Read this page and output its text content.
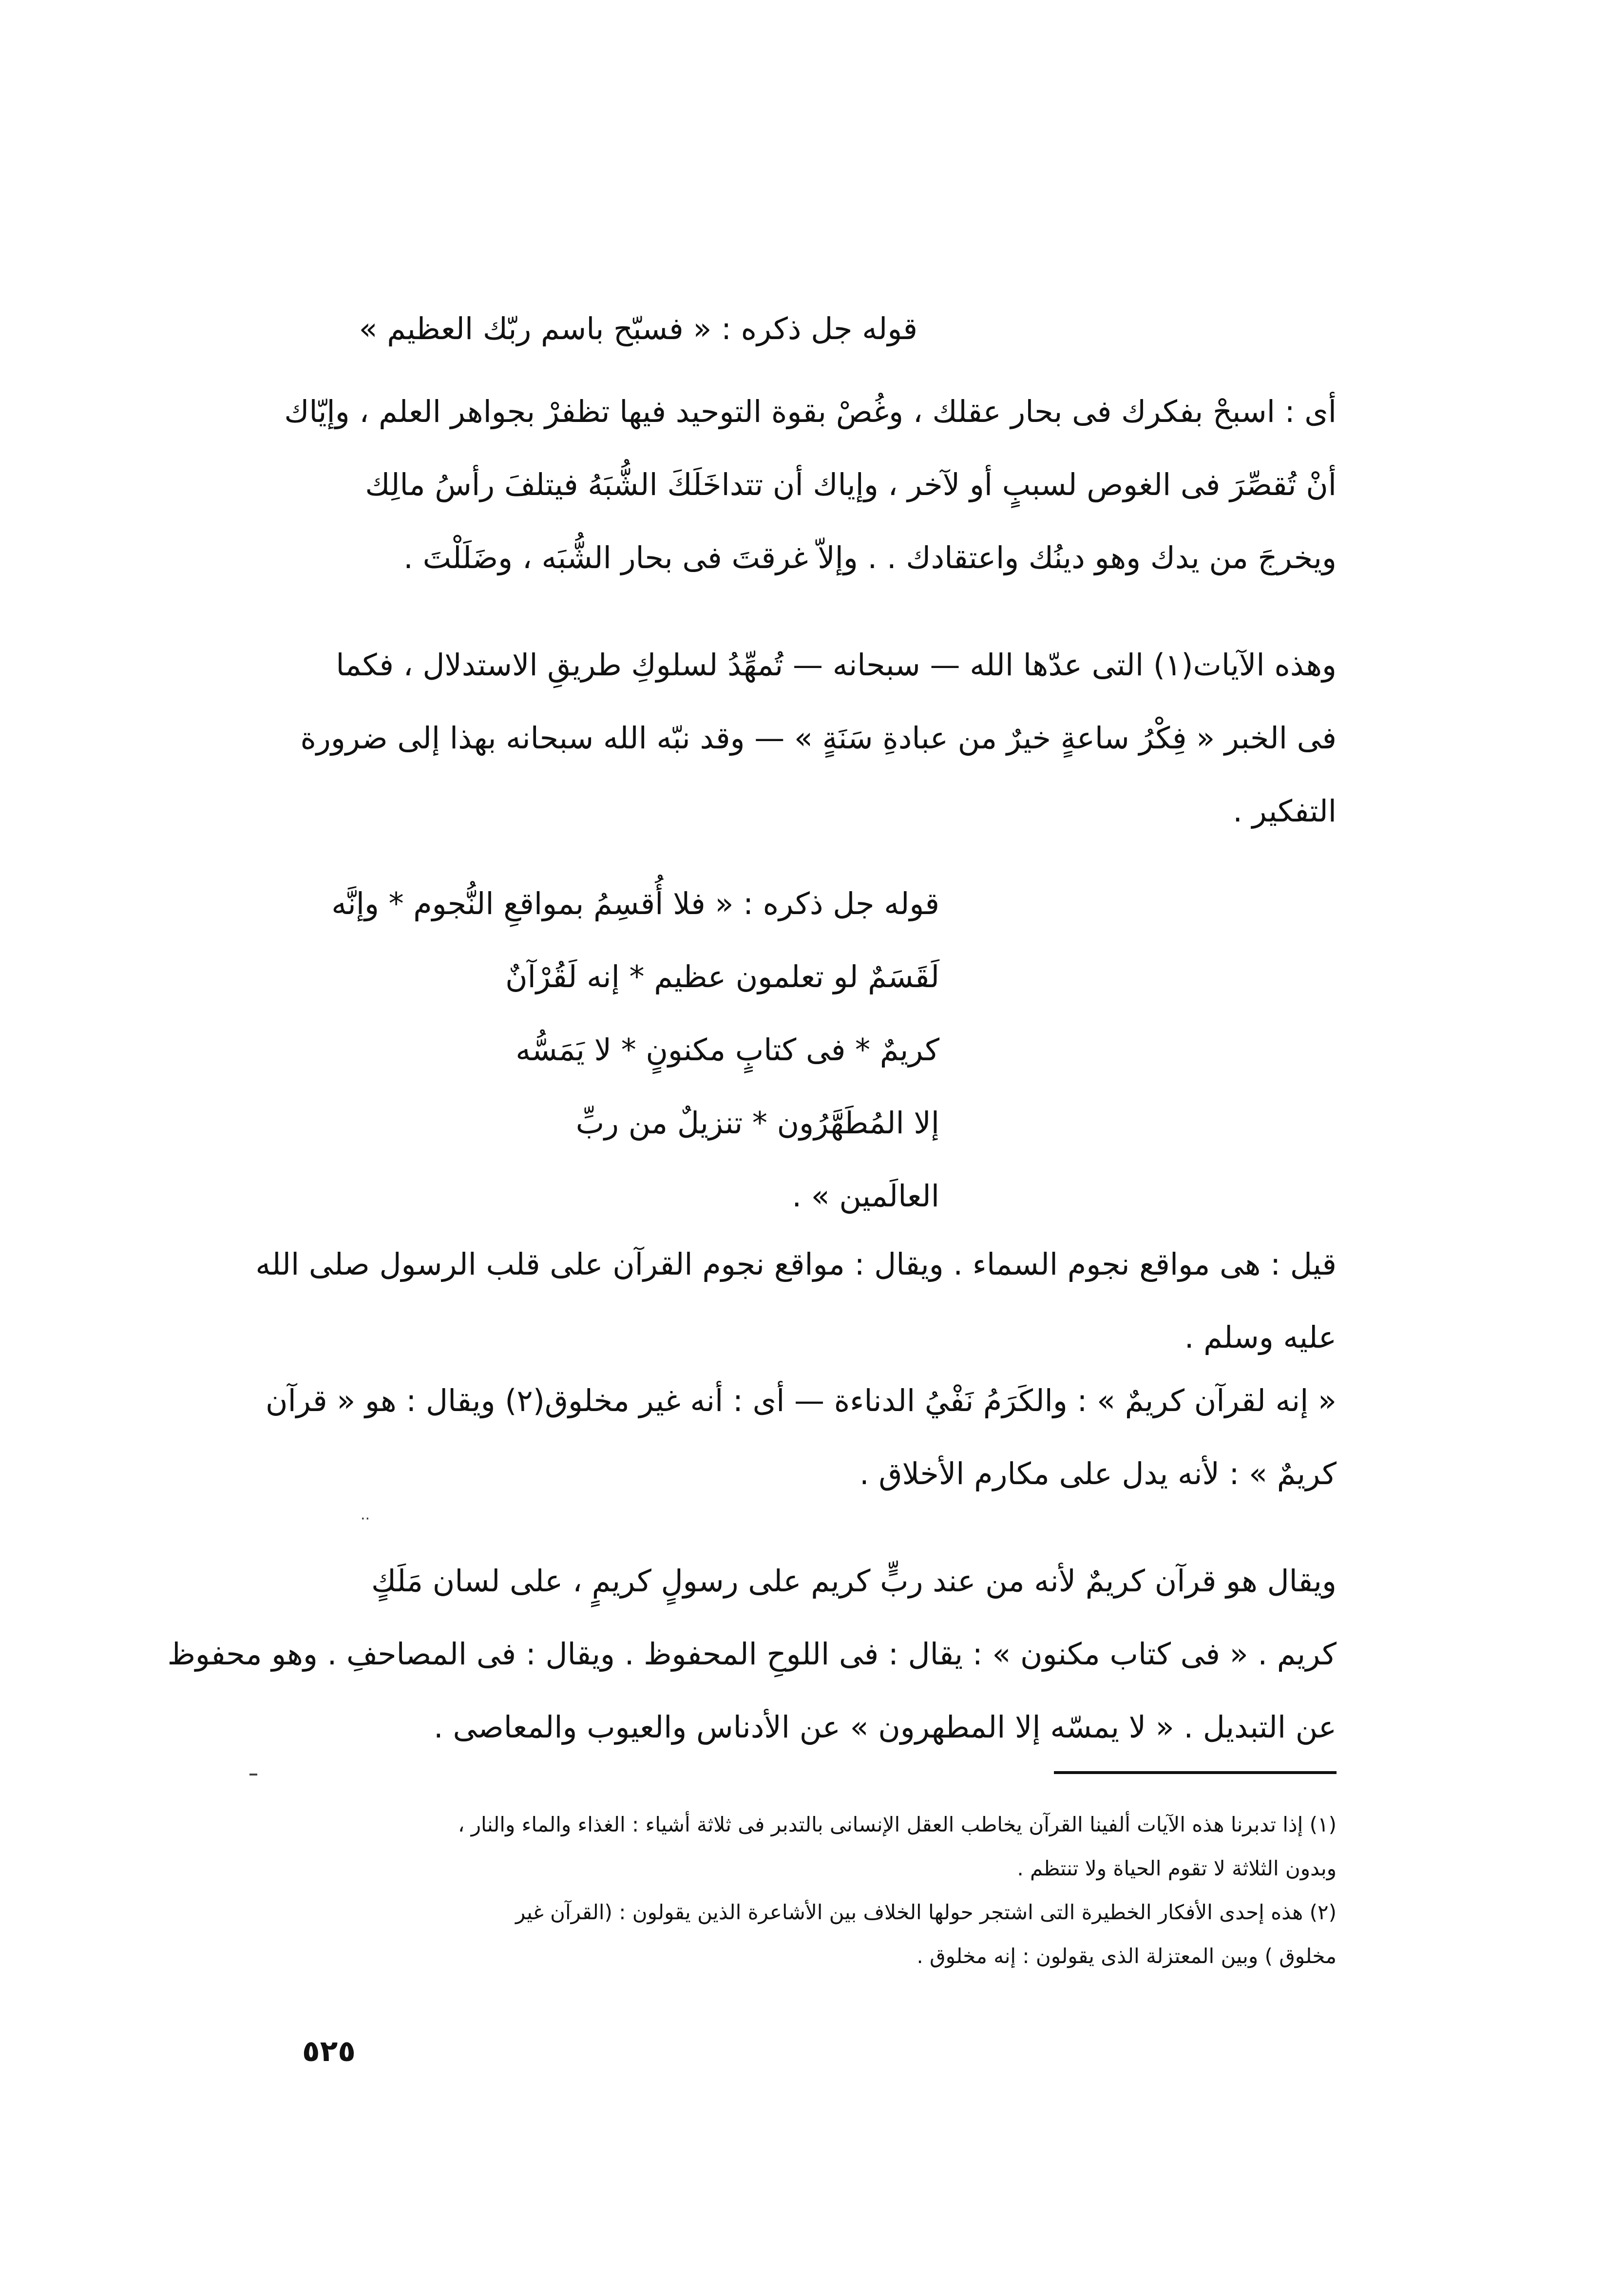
قوله جل ذكره : « فسبّح باسم ربّك العظيم »
أى : اسبحْ بفكرك فى بحار عقلك ، وغُصْ بقوة التوحيد فيها تظفرْ بجواهر العلم ، وإيّاك
أنْ تُقصِّرَ فى الغوص لسببٍ أو لآخر ، وإياك أن تتداخَلَكَ الشُّبَهُ فيتلفَ رأسُ مالِك
ويخرجَ من يدك وهو دينُك واعتقادك . . وإلاّ غرقتَ فى بحار الشُّبَه ، وضَلَلْتَ .
وهذه الآيات(١) التى عدّها الله — سبحانه — تُمهِّدُ لسلوكِ طريقِ الاستدلال ، فكما
فى الخبر « فِكْرُ ساعةٍ خيرٌ من عبادةِ سَنَةٍ » — وقد نبّه الله سبحانه بهذا إلى ضرورة
التفكير .
قوله جل ذكره : « فلا أُقسِمُ بمواقعِ النُّجوم * وإنَّه
لَقَسَمٌ لو تعلمون عظيم * إنه لَقُرْآنٌ
كريمٌ * فى كتابٍ مكنونٍ * لا يَمَسُّه
إلا المُطَهَّرُون * تنزيلٌ من ربِّ
العالَمين » .
قيل : هى مواقع نجوم السماء . ويقال : مواقع نجوم القرآن على قلب الرسول صلى الله
عليه وسلم .
« إنه لقرآن كريمٌ » : والكَرَمُ نَفْيُ الدناءة — أى : أنه غير مخلوق(٢) ويقال : هو « قرآن
كريمٌ » : لأنه يدل على مكارم الأخلاق .
··
ويقال هو قرآن كريمٌ لأنه من عند ربٍّ كريم على رسولٍ كريمٍ ، على لسان مَلَكٍ
كريم . « فى كتاب مكنون » : يقال : فى اللوحِ المحفوظ . ويقال : فى المصاحفِ . وهو محفوظ
عن التبديل . « لا يمسّه إلا المطهرون » عن الأدناس والعيوب والمعاصى .
(١) إذا تدبرنا هذه الآيات ألفينا القرآن يخاطب العقل الإنسانى بالتدبر فى ثلاثة أشياء : الغذاء والماء والنار ،
وبدون الثلاثة لا تقوم الحياة ولا تنتظم .
(٢) هذه إحدى الأفكار الخطيرة التى اشتجر حولها الخلاف بين الأشاعرة الذين يقولون : (القرآن غير
مخلوق ) وبين المعتزلة الذى يقولون : إنه مخلوق .
٥٢٥
